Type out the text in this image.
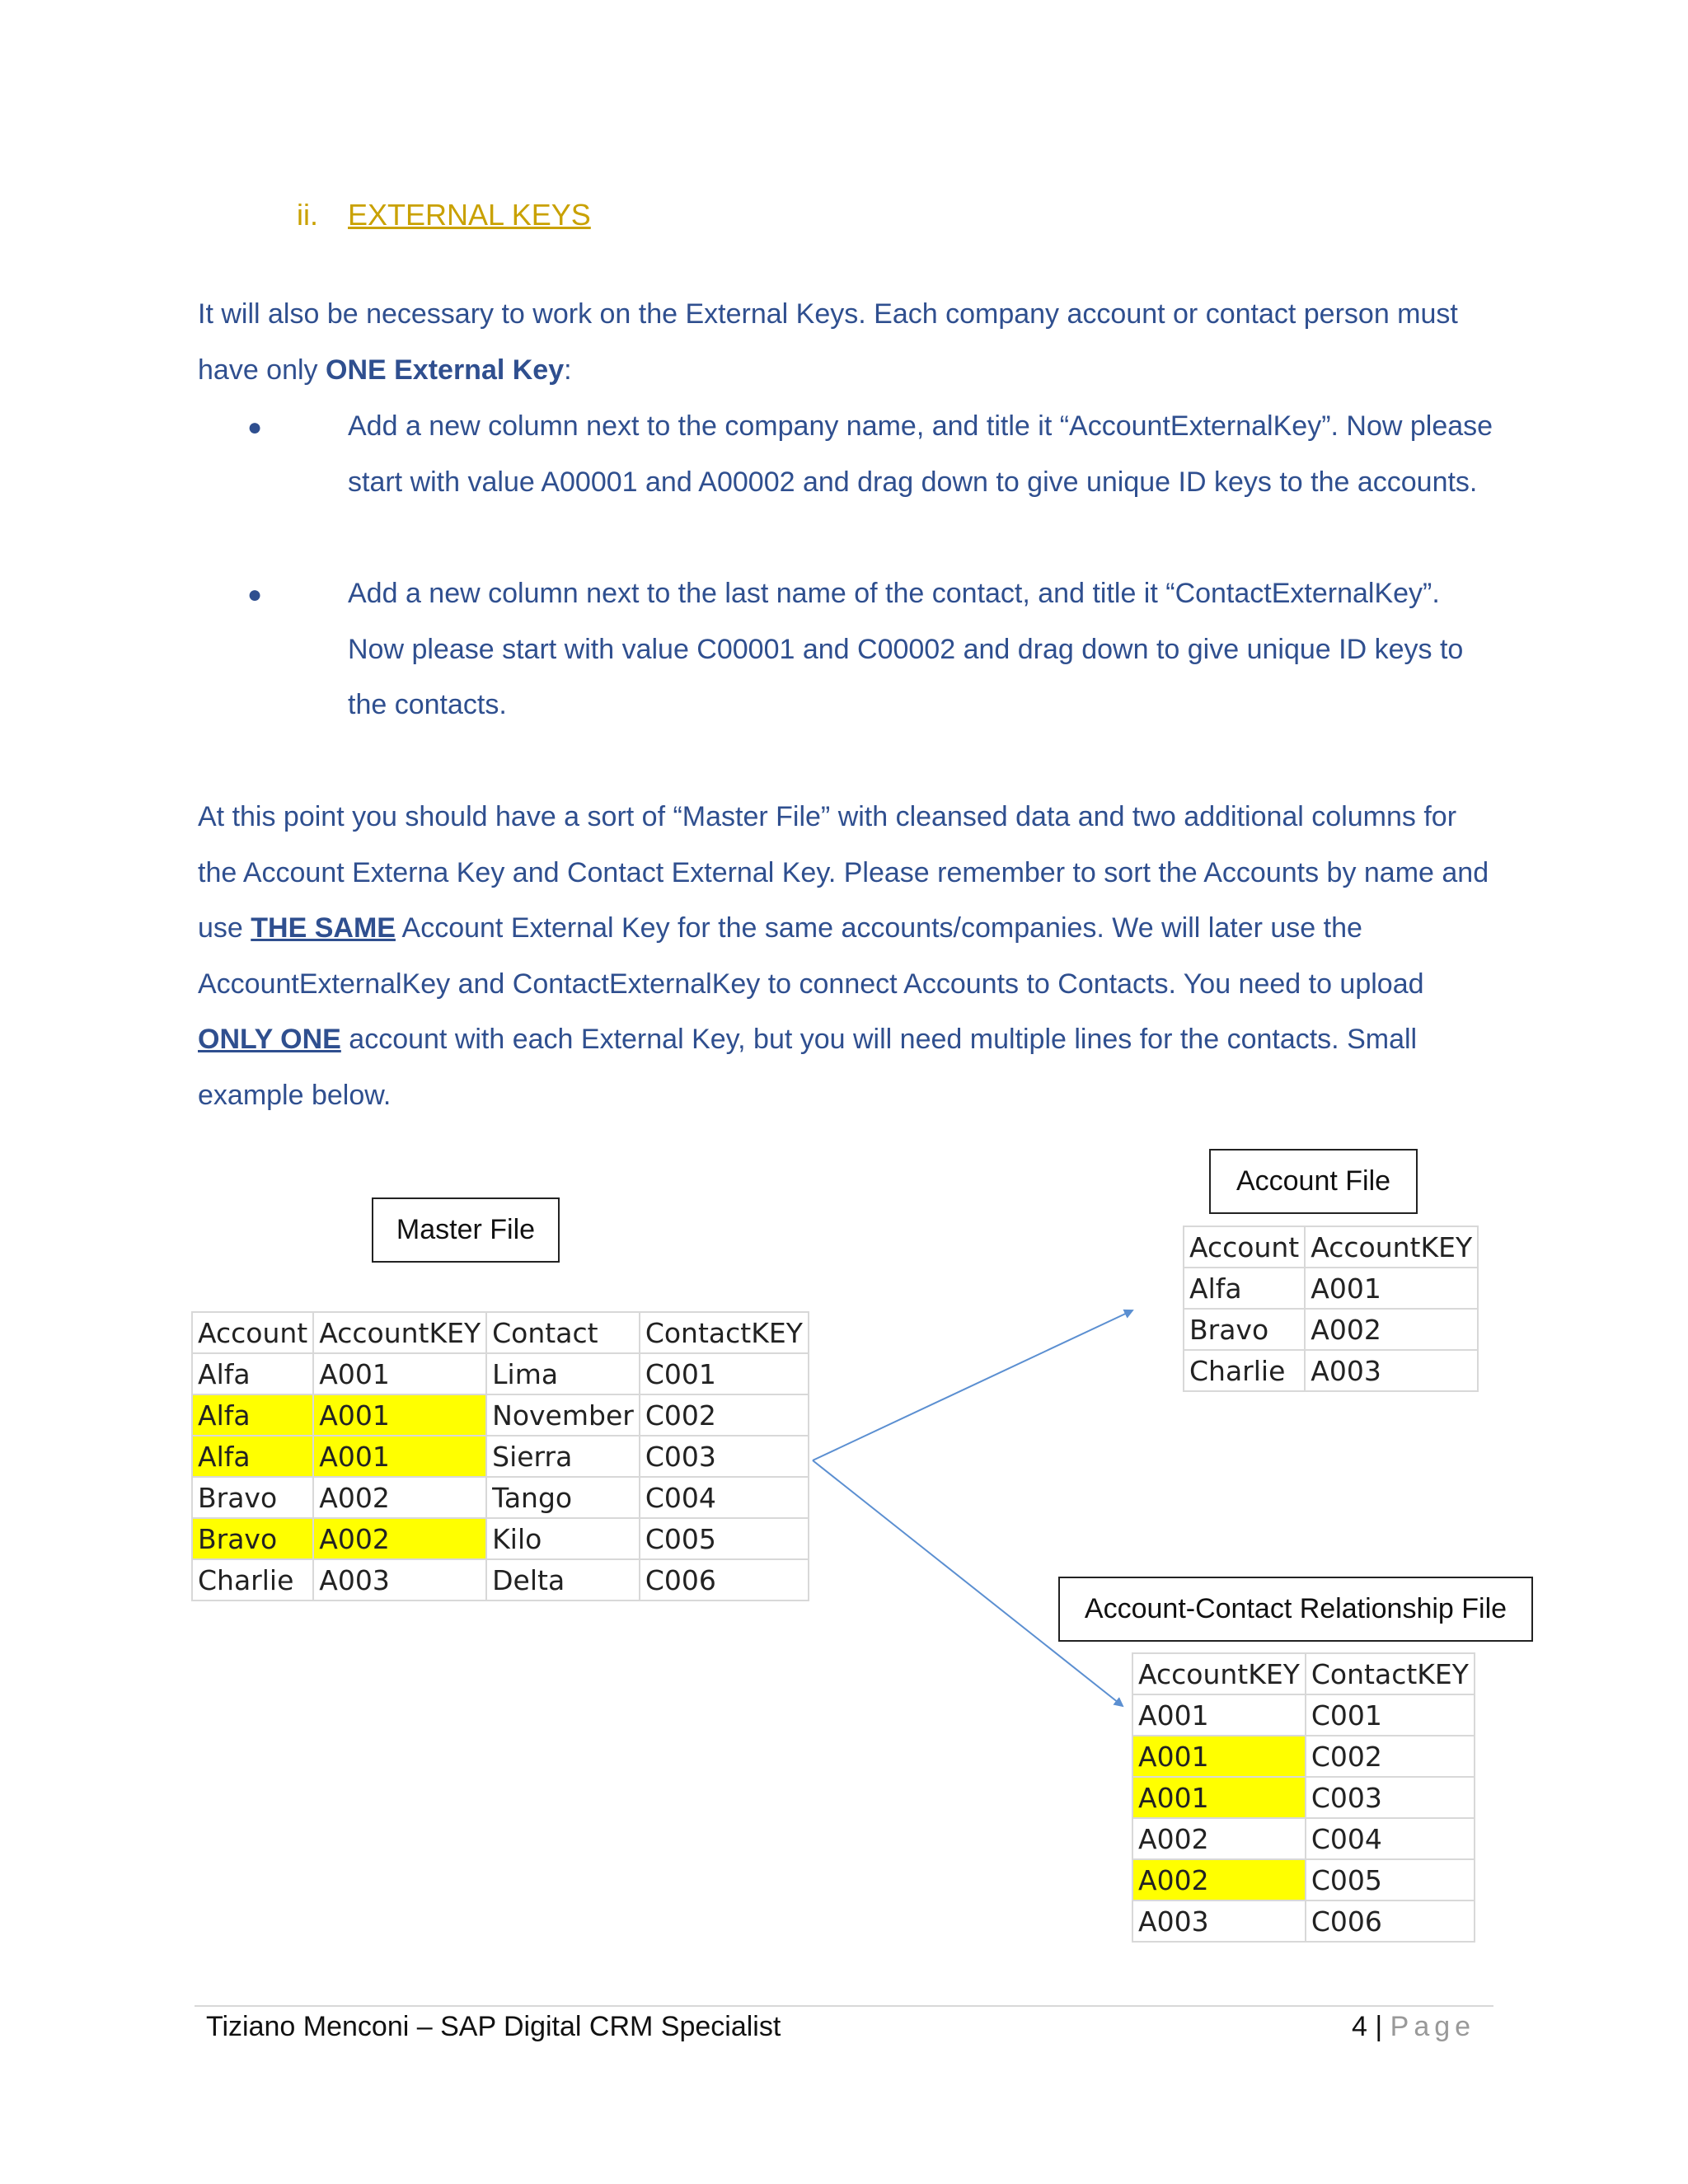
ii. EXTERNAL KEYS

It will also be necessary to work on the External Keys. Each company account or contact person must have only ONE External Key:

●	Add a new column next to the company name, and title it “AccountExternalKey”. Now please start with value A00001 and A00002 and drag down to give unique ID keys to the accounts.

●	Add a new column next to the last name of the contact, and title it “ContactExternalKey”. Now please start with value C00001 and C00002 and drag down to give unique ID keys to the contacts.

At this point you should have a sort of “Master File” with cleansed data and two additional columns for the Account Externa Key and Contact External Key. Please remember to sort the Accounts by name and use THE SAME Account External Key for the same accounts/companies. We will later use the AccountExternalKey and ContactExternalKey to connect Accounts to Contacts. You need to upload ONLY ONE account with each External Key, but you will need multiple lines for the contacts. Small example below.

Master File
Account File
Account-Contact Relationship File
Account	AccountKEY	Contact	ContactKEY
Alfa	A001	Lima	C001
Alfa	A001	November	C002
Alfa	A001	Sierra	C003
Bravo	A002	Tango	C004
Bravo	A002	Kilo	C005
Charlie	A003	Delta	C006
Account	AccountKEY
Alfa	A001
Bravo	A002
Charlie	A003
AccountKEY	ContactKEY
A001	C001
A001	C002
A001	C003
A002	C004
A002	C005
A003	C006
Tiziano Menconi – SAP Digital CRM Specialist	4 | Page
